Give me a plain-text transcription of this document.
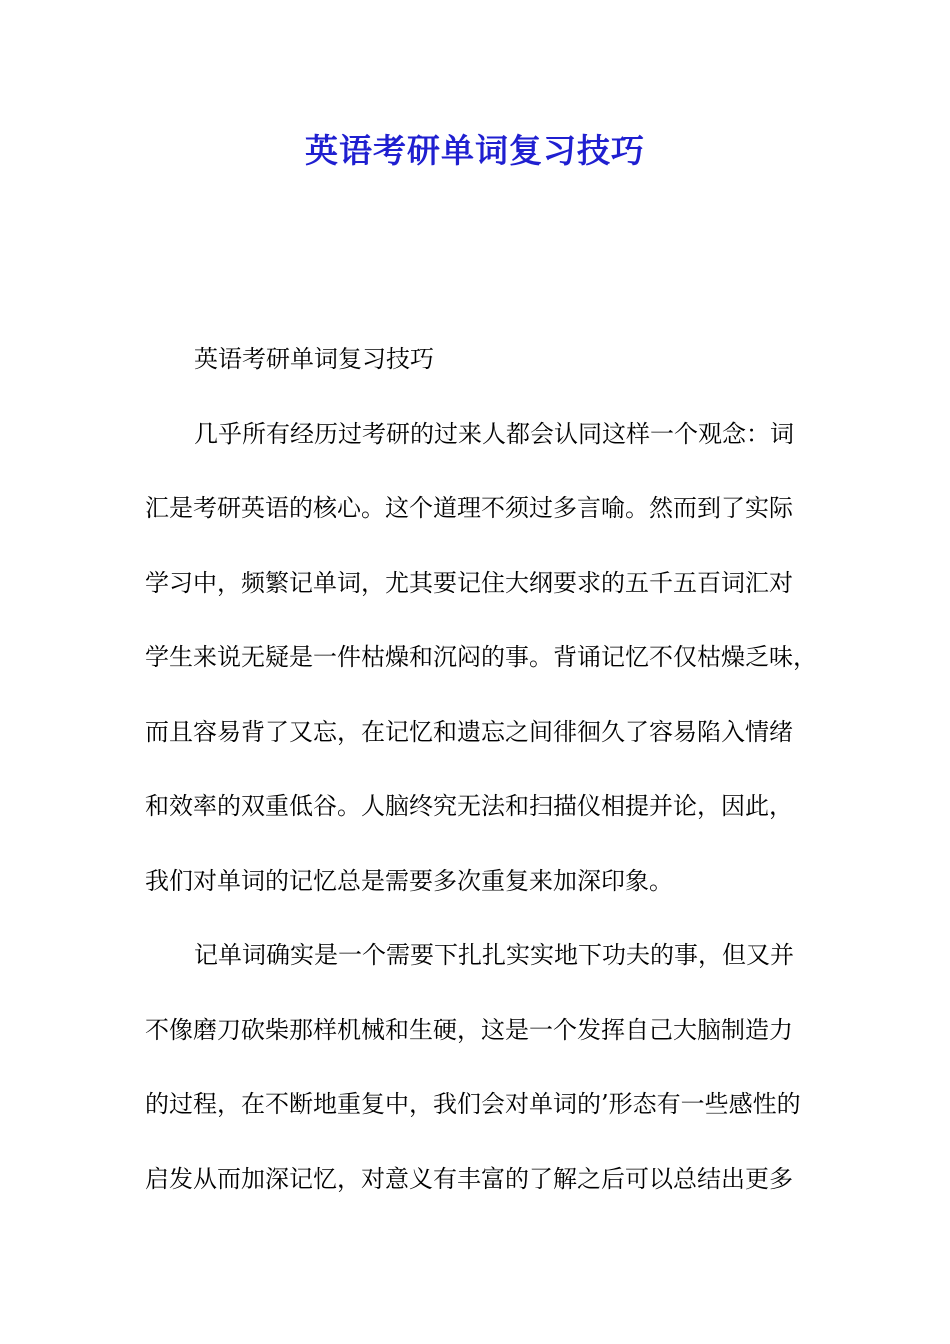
英语考研单词复习技巧

英语考研单词复习技巧

几乎所有经历过考研的过来人都会认同这样一个观念：词

汇是考研英语的核心。这个道理不须过多言喻。然而到了实际

学习中，频繁记单词，尤其要记住大纲要求的五千五百词汇对

学生来说无疑是一件枯燥和沉闷的事。背诵记忆不仅枯燥乏味，

而且容易背了又忘，在记忆和遗忘之间徘徊久了容易陷入情绪

和效率的双重低谷。人脑终究无法和扫描仪相提并论，因此，

我们对单词的记忆总是需要多次重复来加深印象。

记单词确实是一个需要下扎扎实实地下功夫的事，但又并

不像磨刀砍柴那样机械和生硬，这是一个发挥自己大脑制造力

的过程，在不断地重复中，我们会对单词的’形态有一些感性的

启发从而加深记忆，对意义有丰富的了解之后可以总结出更多
